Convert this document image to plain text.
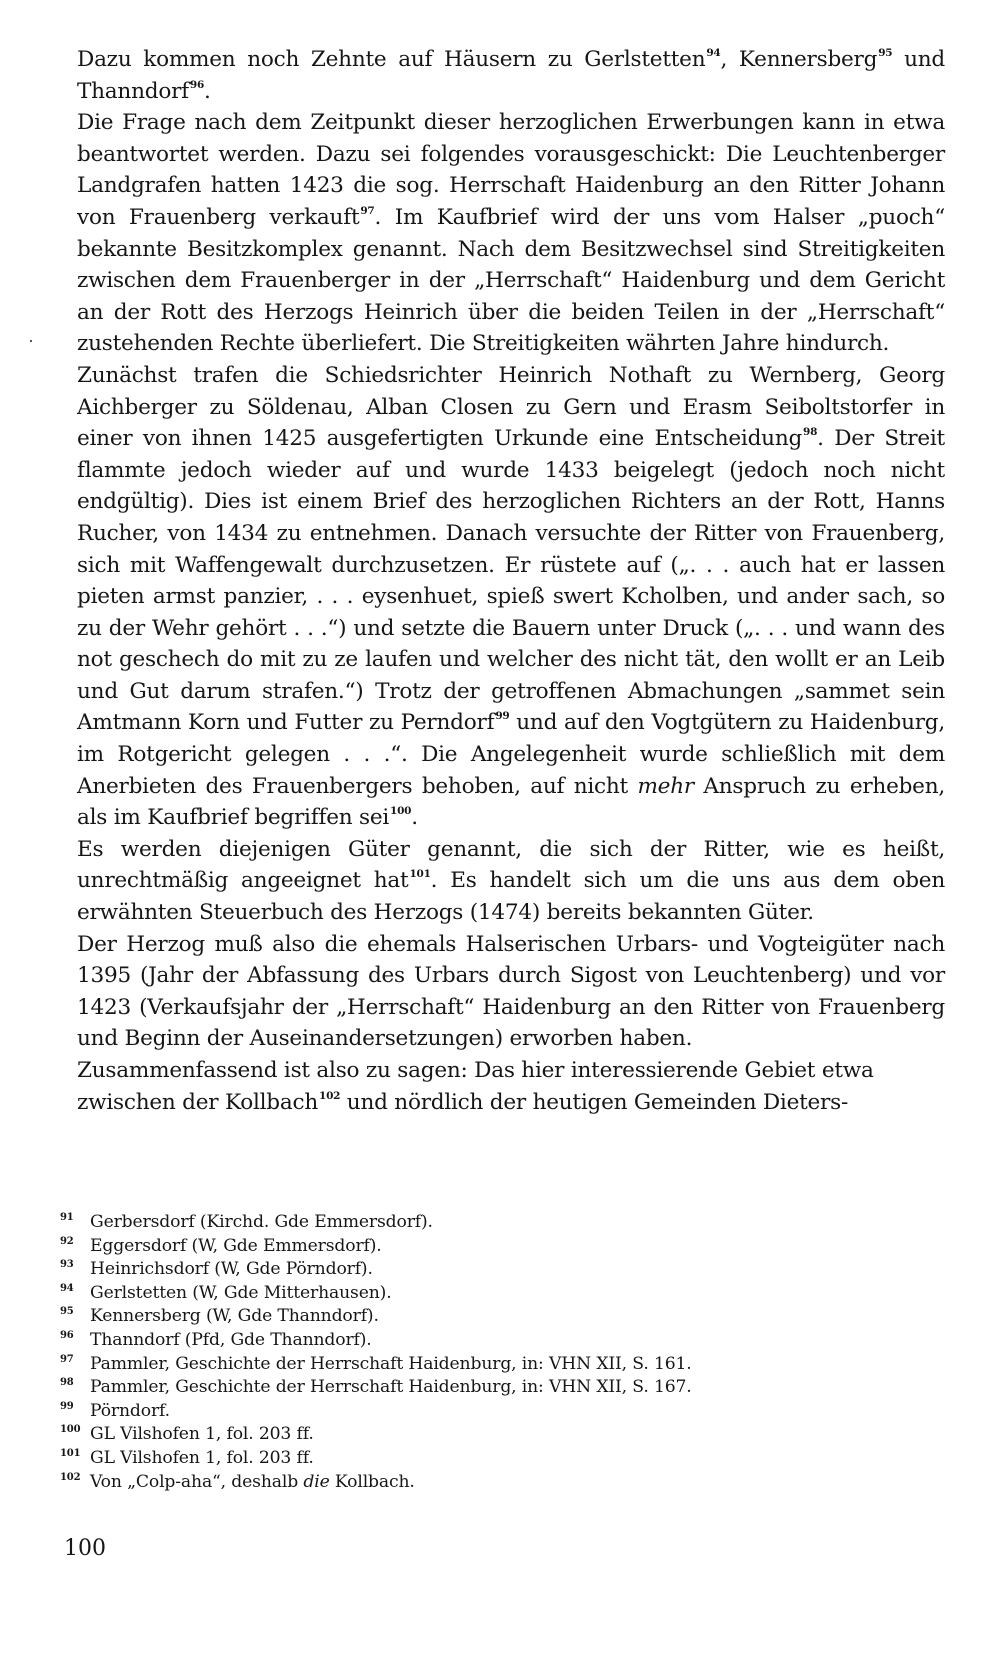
Dazu kommen noch Zehnte auf Häusern zu Gerlstetten$^{94}$, Kennersberg$^{95}$ und Thanndorf$^{96}$.

Die Frage nach dem Zeitpunkt dieser herzoglichen Erwerbungen kann in etwa beantwortet werden. Dazu sei folgendes vorausgeschickt: Die Leuchtenberger Landgrafen hatten 1423 die sog. Herrschaft Haidenburg an den Ritter Johann von Frauenberg verkauft$^{97}$. Im Kaufbrief wird der uns vom Halser „puoch“ bekannte Besitzkomplex genannt. Nach dem Besitzwechsel sind Streitigkeiten zwischen dem Frauenberger in der „Herrschaft“ Haidenburg und dem Gericht an der Rott des Herzogs Heinrich über die beiden Teilen in der „Herrschaft“ zustehenden Rechte überliefert. Die Streitigkeiten währten Jahre hindurch.

Zunächst trafen die Schiedsrichter Heinrich Nothaft zu Wernberg, Georg Aichberger zu Söldenau, Alban Closen zu Gern und Erasm Seiboltstorfer in einer von ihnen 1425 ausgefertigten Urkunde eine Entscheidung$^{98}$. Der Streit flammte jedoch wieder auf und wurde 1433 beigelegt (jedoch noch nicht endgültig). Dies ist einem Brief des herzoglichen Richters an der Rott, Hanns Rucher, von 1434 zu entnehmen. Danach versuchte der Ritter von Frauenberg, sich mit Waffengewalt durchzusetzen. Er rüstete auf („. . . auch hat er lassen pieten armst panzier, . . . eysenhuet, spieß swert Kcholben, und ander sach, so zu der Wehr gehört . . .“) und setzte die Bauern unter Druck („. . . und wann des not geschech do mit zu ze laufen und welcher des nicht tät, den wollt er an Leib und Gut darum strafen.“) Trotz der getroffenen Abmachungen „sammet sein Amtmann Korn und Futter zu Perndorf$^{99}$ und auf den Vogtgütern zu Haidenburg, im Rotgericht gelegen . . .“. Die Angelegenheit wurde schließlich mit dem Anerbieten des Frauenbergers behoben, auf nicht mehr Anspruch zu erheben, als im Kaufbrief begriffen sei$^{100}$.

Es werden diejenigen Güter genannt, die sich der Ritter, wie es heißt, unrechtmäßig angeeignet hat$^{101}$. Es handelt sich um die uns aus dem oben erwähnten Steuerbuch des Herzogs (1474) bereits bekannten Güter.

Der Herzog muß also die ehemals Halserischen Urbars- und Vogteigüter nach 1395 (Jahr der Abfassung des Urbars durch Sigost von Leuchtenberg) und vor 1423 (Verkaufsjahr der „Herrschaft“ Haidenburg an den Ritter von Frauenberg und Beginn der Auseinandersetzungen) erworben haben.

Zusammenfassend ist also zu sagen: Das hier interessierende Gebiet etwa zwischen der Kollbach$^{102}$ und nördlich der heutigen Gemeinden Dieters-

91 Gerbersdorf (Kirchd. Gde Emmersdorf).
92 Eggersdorf (W, Gde Emmersdorf).
93 Heinrichsdorf (W, Gde Pörndorf).
94 Gerlstetten (W, Gde Mitterhausen).
95 Kennersberg (W, Gde Thanndorf).
96 Thanndorf (Pfd, Gde Thanndorf).
97 Pammler, Geschichte der Herrschaft Haidenburg, in: VHN XII, S. 161.
98 Pammler, Geschichte der Herrschaft Haidenburg, in: VHN XII, S. 167.
99 Pörndorf.
100 GL Vilshofen 1, fol. 203 ff.
101 GL Vilshofen 1, fol. 203 ff.
102 Von „Colp-aha“, deshalb die Kollbach.
100
